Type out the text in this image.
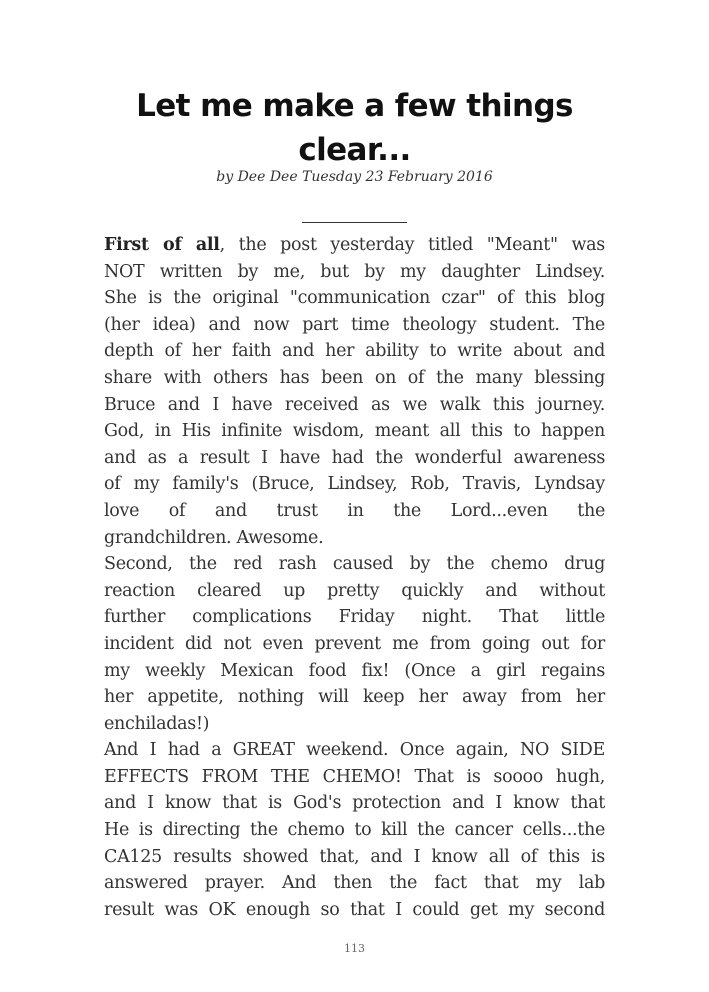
Let me make a few things clear...
by Dee Dee Tuesday 23 February 2016
First of all, the post yesterday titled "Meant" was
NOT written by me, but by my daughter Lindsey.
She is the original "communication czar" of this blog
(her idea) and now part time theology student. The
depth of her faith and her ability to write about and
share with others has been on of the many blessing
Bruce and I have received as we walk this journey.
God, in His infinite wisdom, meant all this to happen
and as a result I have had the wonderful awareness
of my family's (Bruce, Lindsey, Rob, Travis, Lyndsay
love of and trust in the Lord...even the
grandchildren. Awesome.
Second, the red rash caused by the chemo drug
reaction cleared up pretty quickly and without
further complications Friday night. That little
incident did not even prevent me from going out for
my weekly Mexican food fix! (Once a girl regains
her appetite, nothing will keep her away from her
enchiladas!)
And I had a GREAT weekend. Once again, NO SIDE
EFFECTS FROM THE CHEMO! That is soooo hugh,
and I know that is God's protection and I know that
He is directing the chemo to kill the cancer cells...the
CA125 results showed that, and I know all of this is
answered prayer. And then the fact that my lab
result was OK enough so that I could get my second
113
